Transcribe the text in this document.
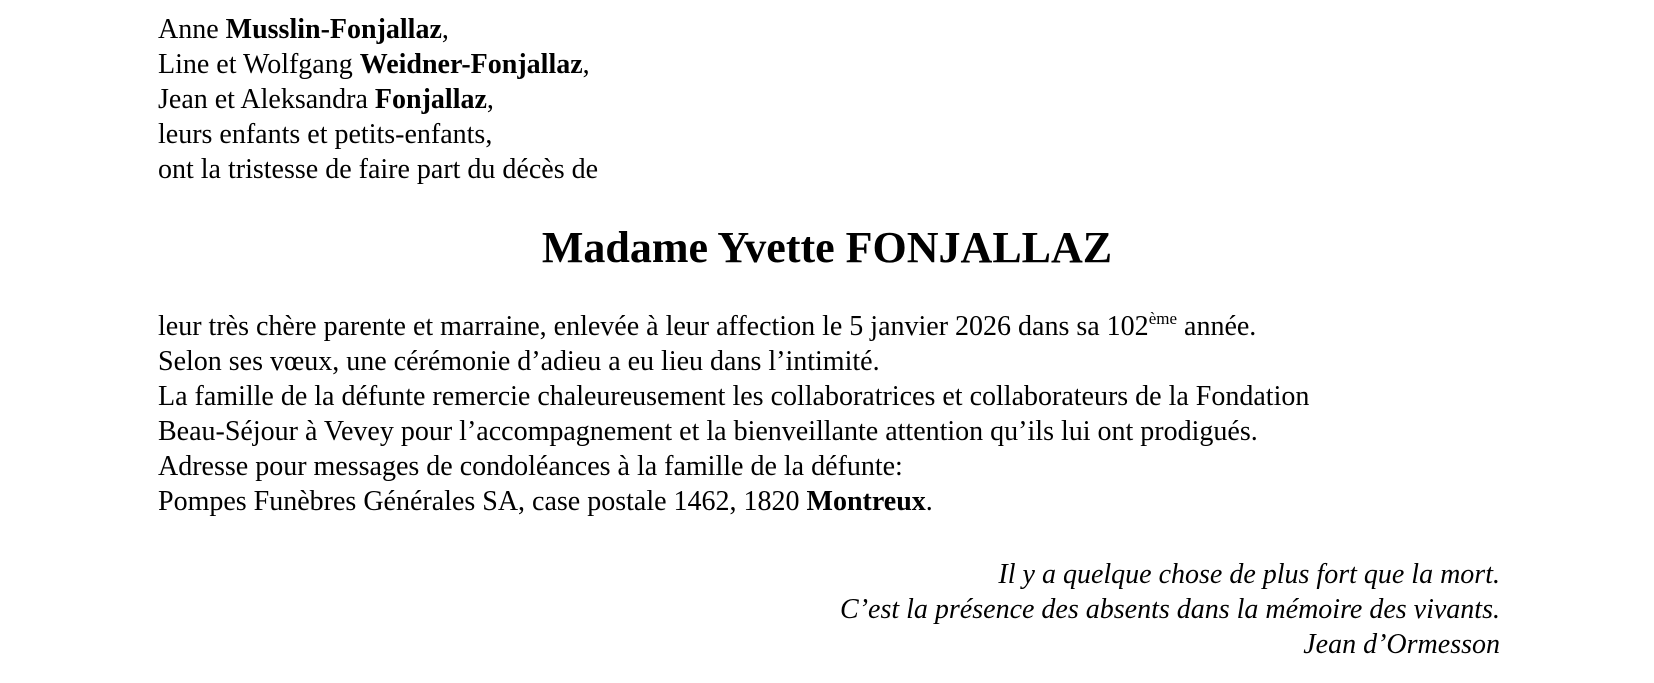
Anne Musslin-Fonjallaz,
Line et Wolfgang Weidner-Fonjallaz,
Jean et Aleksandra Fonjallaz,
leurs enfants et petits-enfants,
ont la tristesse de faire part du décès de
Madame Yvette FONJALLAZ
leur très chère parente et marraine, enlevée à leur affection le 5 janvier 2026 dans sa 102ème année.
Selon ses vœux, une cérémonie d’adieu a eu lieu dans l’intimité.
La famille de la défunte remercie chaleureusement les collaboratrices et collaborateurs de la Fondation
Beau-Séjour à Vevey pour l’accompagnement et la bienveillante attention qu’ils lui ont prodigués.
Adresse pour messages de condoléances à la famille de la défunte:
Pompes Funèbres Générales SA, case postale 1462, 1820 Montreux.
Il y a quelque chose de plus fort que la mort.
C’est la présence des absents dans la mémoire des vivants.
Jean d’Ormesson
